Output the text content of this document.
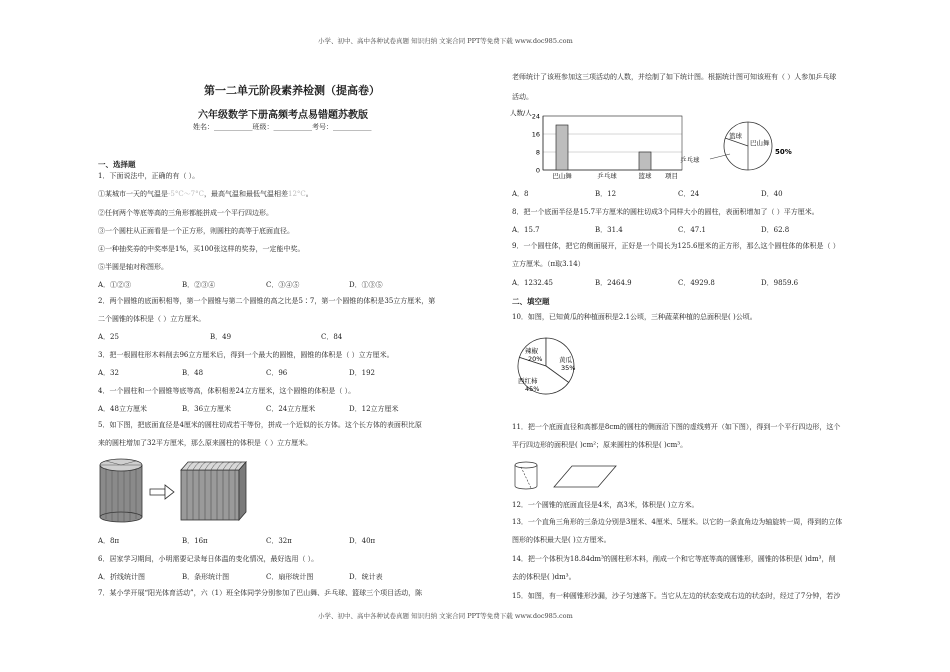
小学、初中、高中各种试卷真题 知识归纳 文案合同 PPT等免费下载 www.doc985.com
小学、初中、高中各种试卷真题 知识归纳 文案合同 PPT等免费下载 www.doc985.com
第一二单元阶段素养检测（提高卷）
六年级数学下册高频考点易错题苏教版
姓名：___________班级：___________考号：___________
一、选择题
1．下面说法中，正确的有（ ）。
①某城市一天的气温是-5°C～7°C，最高气温和最低气温相差12°C。
②任何两个等底等高的三角形都能拼成一个平行四边形。
③一个圆柱从正面看是一个正方形，则圆柱的高等于底面直径。
④一种抽奖券的中奖率是1%，买100张这样的奖券，一定能中奖。
⑤半圆是轴对称图形。
A．①②③	B．②③④	C．③④⑤	D．①③⑤
2．两个圆锥的底面积相等，第一个圆锥与第二个圆锥的高之比是5∶7，第一个圆锥的体积是35立方厘米，第
二个圆锥的体积是（ ）立方厘米。
A．25	B．49	C．84
3．把一根圆柱形木料削去96立方厘米后，得到一个最大的圆锥，圆锥的体积是（ ）立方厘米。
A．32	B．48	C．96	D．192
4．一个圆柱和一个圆锥等底等高，体积相差24立方厘米，这个圆锥的体积是（ ）。
A．48立方厘米	B．36立方厘米	C．24立方厘米	D．12立方厘米
5．如下图，把底面直径是4厘米的圆柱切成若干等份，拼成一个近似的长方体。这个长方体的表面积比原
来的圆柱增加了32平方厘米，那么原来圆柱的体积是（ ）立方厘米。
A．8π	B．16π	C．32π	D．40π
6．居家学习期间，小明需要记录每日体温的变化情况，最好选用（ ）。
A．折线统计图	B．条形统计图	C．扇形统计图	D．统计表
7．某小学开展“阳光体育活动”，六（1）班全体同学分别参加了巴山舞、乒乓球、篮球三个项目活动，陈
老师统计了该班参加这三项活动的人数，并绘制了如下统计图。根据统计图可知该班有（ ）人参加乒乓球
活动。
人数/人
0
8
16
24
巴山舞	乒乓球	篮球 项目
篮球
巴山舞
乒乓球
50%
A．8	B．12	C．24	D．40
8．把一个底面半径是15.7平方厘米的圆柱切成3个同样大小的圆柱，表面积增加了（ ）平方厘米。
A．15.7	B．31.4	C．47.1	D．62.8
9．一个圆柱体，把它的侧面展开，正好是一个周长为125.6厘米的正方形，那么这个圆柱体的体积是（ ）
立方厘米。（π取3.14）
A．1232.45	B．2464.9	C．4929.8	D．9859.6
二、填空题
10．如图，已知黄瓜的种植面积是2.1公顷，三种蔬菜种植的总面积是( )公顷。
辣椒
20%	黄瓜
35%
西红柿
45%
11．把一个底面直径和高都是8cm的圆柱的侧面沿下图的虚线剪开（如下图），得到一个平行四边形，这个
平行四边形的面积是( )cm²；原来圆柱的体积是( )cm³。
12．一个圆锥的底面直径是4米，高3米，体积是( )立方米。
13．一个直角三角形的三条边分别是3厘米、4厘米、5厘米。以它的一条直角边为轴旋转一周，得到的立体
图形的体积最大是( )立方厘米。
14．把一个体积为18.84dm³的圆柱形木料，削成一个和它等底等高的圆锥形，圆锥的体积是( )dm³，削
去的体积是( )dm³。
15．如图，有一种圆锥形沙漏，沙子匀速落下。当它从左边的状态变成右边的状态时，经过了7分钟，若沙
